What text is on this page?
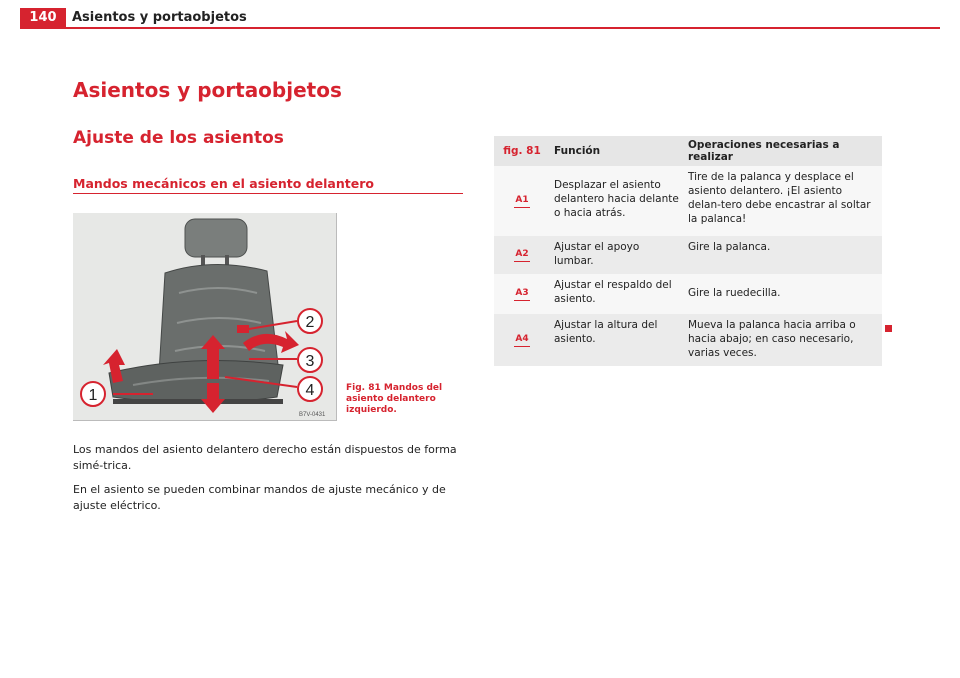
140	Asientos y portaobjetos
Asientos y portaobjetos
Ajuste de los asientos
Mandos mecánicos en el asiento delantero
1
2
3
4
B7V-0431
Fig. 81 Mandos del asiento delantero izquierdo.
Los mandos del asiento delantero derecho están dispuestos de forma simé-trica.
En el asiento se pueden combinar mandos de ajuste mecánico y de ajuste eléctrico.
fig. 81	Función	Operaciones necesarias a realizar
A1	Desplazar el asiento delantero hacia delante o hacia atrás.	Tire de la palanca y desplace el asiento delantero. ¡El asiento delan-tero debe encastrar al soltar la palanca!
A2	Ajustar el apoyo lumbar.	Gire la palanca.
A3	Ajustar el respaldo del asiento.	Gire la ruedecilla.
A4	Ajustar la altura del asiento.	Mueva la palanca hacia arriba o hacia abajo; en caso necesario, varias veces.
